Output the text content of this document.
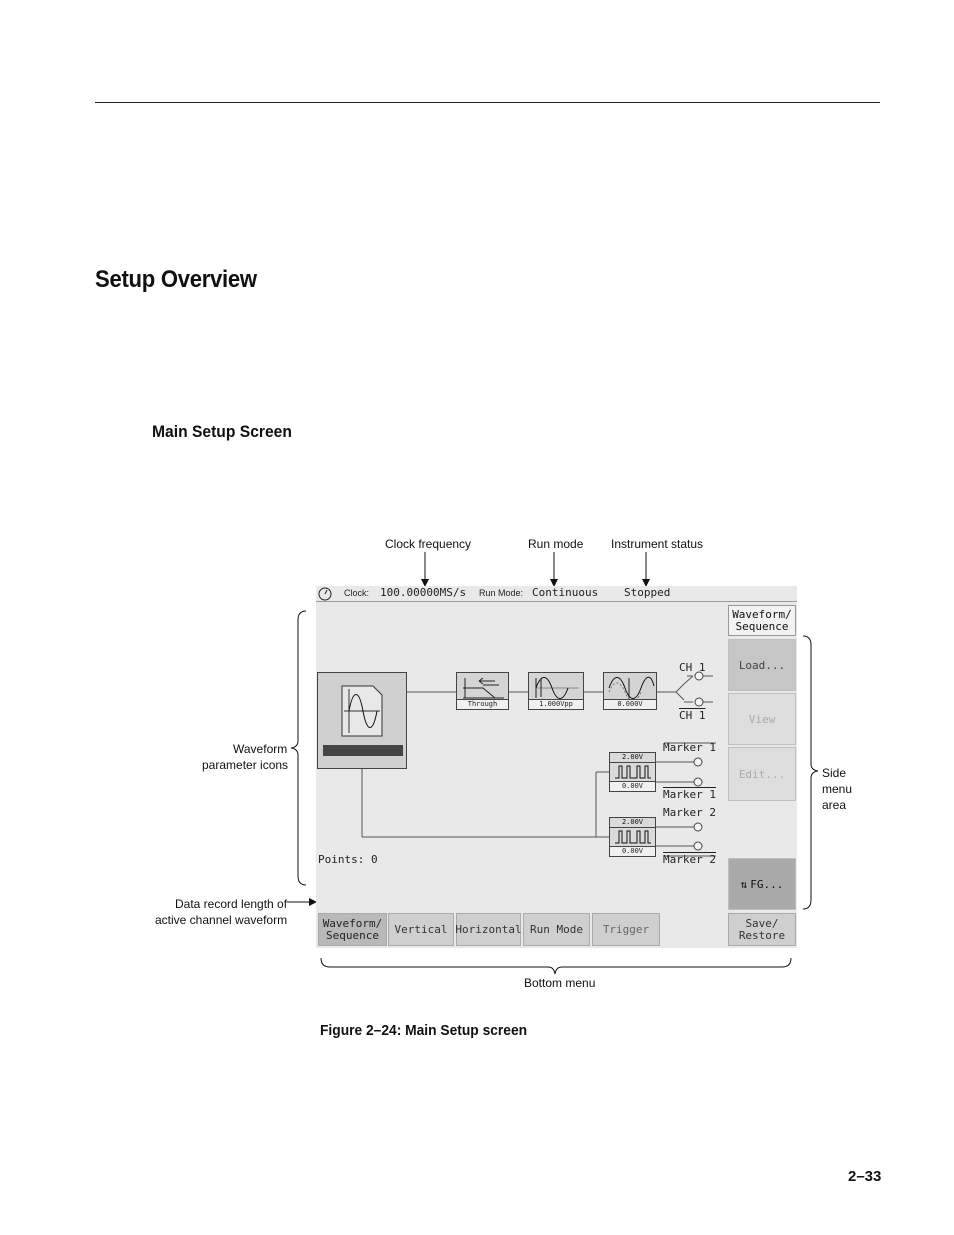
Setup Overview
Main Setup Screen
Clock frequency	Run mode Instrument status
Waveform
parameter icons
Data record length of
active channel waveform
Side
menu
area
Bottom menu
Clock: 100.00000MS/s Run Mode: Continuous Stopped
Through	1.000Vpp	0.000V
2.00V
0.00V
2.00V
0.00V
CH 1
CH 1
Marker 1
Marker 1
Marker 2
Marker 2
Points: 0
Waveform/ Sequence
Load...
View
Edit...
⇅ FG...
Waveform/ Sequence	Vertical Horizontal Run Mode	Trigger	Save/ Restore
Figure 2–24: Main Setup screen
2–33
